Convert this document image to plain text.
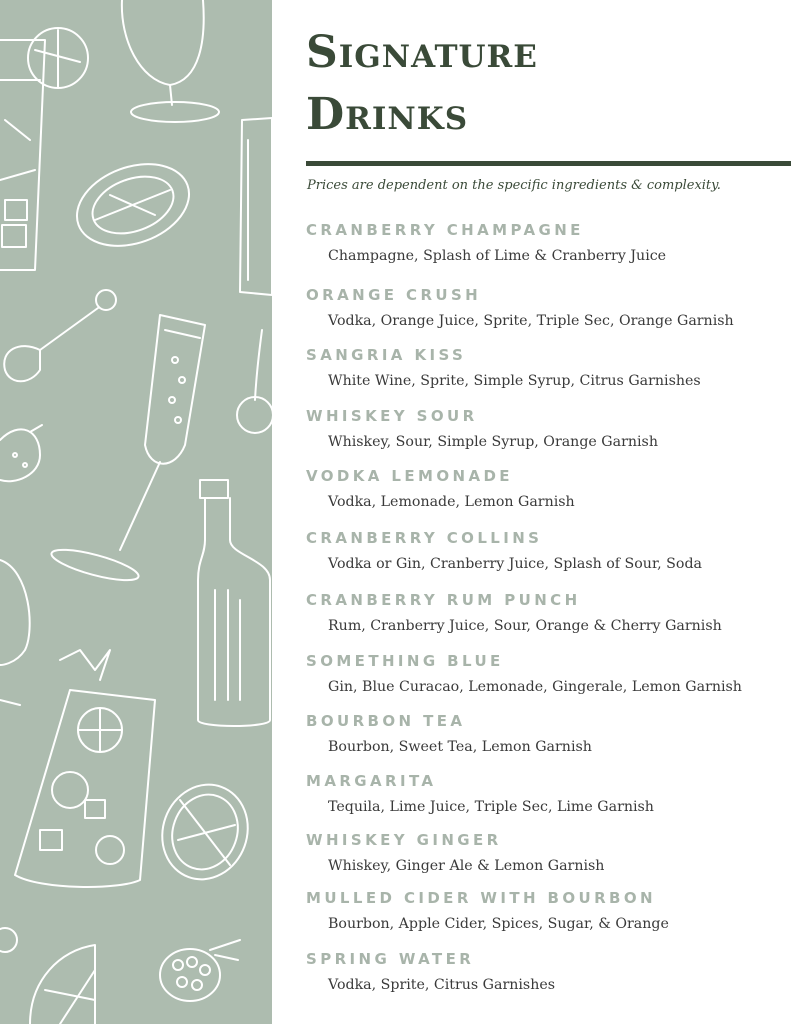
Signature
Drinks

Prices are dependent on the specific ingredients & complexity.

CRANBERRY CHAMPAGNE
Champagne, Splash of Lime & Cranberry Juice
ORANGE CRUSH
Vodka, Orange Juice, Sprite, Triple Sec, Orange Garnish
SANGRIA KISS
White Wine, Sprite, Simple Syrup, Citrus Garnishes
WHISKEY SOUR
Whiskey, Sour, Simple Syrup, Orange Garnish
VODKA LEMONADE
Vodka, Lemonade, Lemon Garnish
CRANBERRY COLLINS
Vodka or Gin, Cranberry Juice, Splash of Sour, Soda
CRANBERRY RUM PUNCH
Rum, Cranberry Juice, Sour, Orange & Cherry Garnish
SOMETHING BLUE
Gin, Blue Curacao, Lemonade, Gingerale, Lemon Garnish
BOURBON TEA
Bourbon, Sweet Tea, Lemon Garnish
MARGARITA
Tequila, Lime Juice, Triple Sec, Lime Garnish
WHISKEY GINGER
Whiskey, Ginger Ale & Lemon Garnish
MULLED CIDER WITH BOURBON
Bourbon, Apple Cider, Spices, Sugar, & Orange
SPRING WATER
Vodka, Sprite, Citrus Garnishes
